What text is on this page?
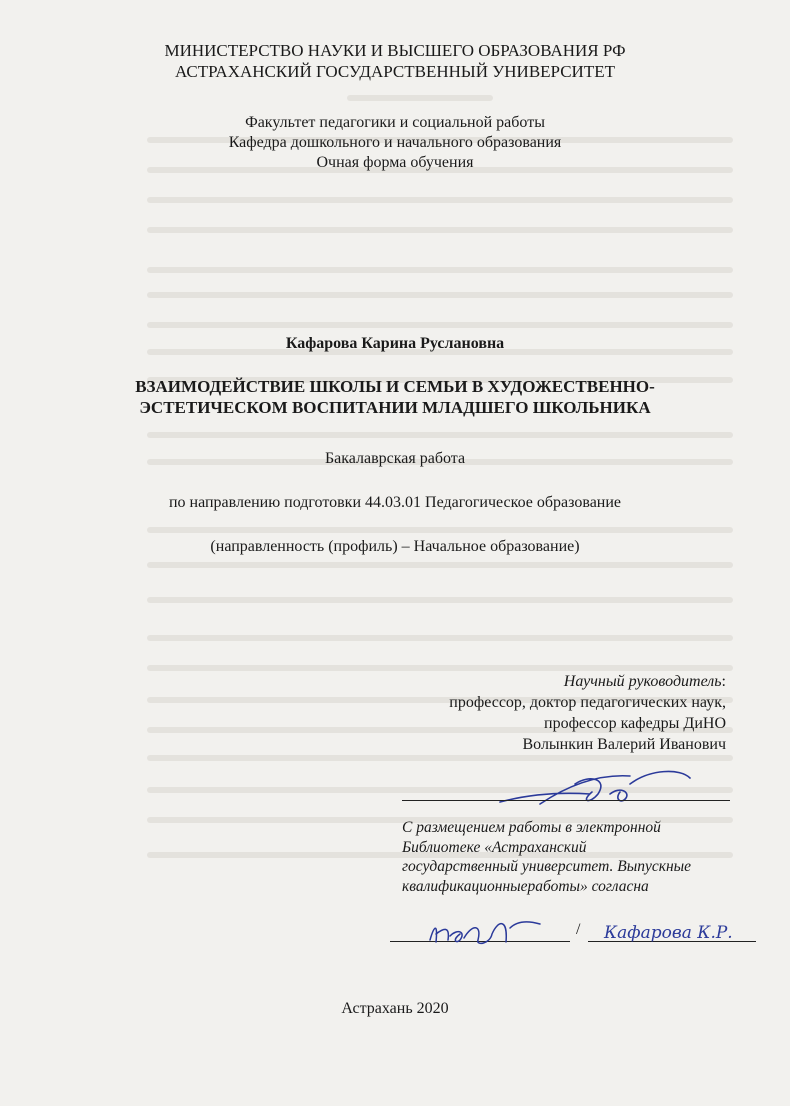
МИНИСТЕРСТВО НАУКИ И ВЫСШЕГО ОБРАЗОВАНИЯ РФ
АСТРАХАНСКИЙ ГОСУДАРСТВЕННЫЙ УНИВЕРСИТЕТ
Факультет педагогики и социальной работы
Кафедра дошкольного и начального образования
Очная форма обучения
Кафарова Карина Руслановна
ВЗАИМОДЕЙСТВИЕ ШКОЛЫ И СЕМЬИ В ХУДОЖЕСТВЕННО-
ЭСТЕТИЧЕСКОМ ВОСПИТАНИИ МЛАДШЕГО ШКОЛЬНИКА
Бакалаврская работа
по направлению подготовки 44.03.01 Педагогическое образование
(направленность (профиль) – Начальное образование)
Научный руководитель:
профессор, доктор педагогических наук,
профессор кафедры ДиНО
Волынкин Валерий Иванович
С размещением работы в электронной
Библиотеке «Астраханский
государственный университет. Выпускные
квалификационныеработы» согласна
/ Кафарова К.Р.
Астрахань 2020
